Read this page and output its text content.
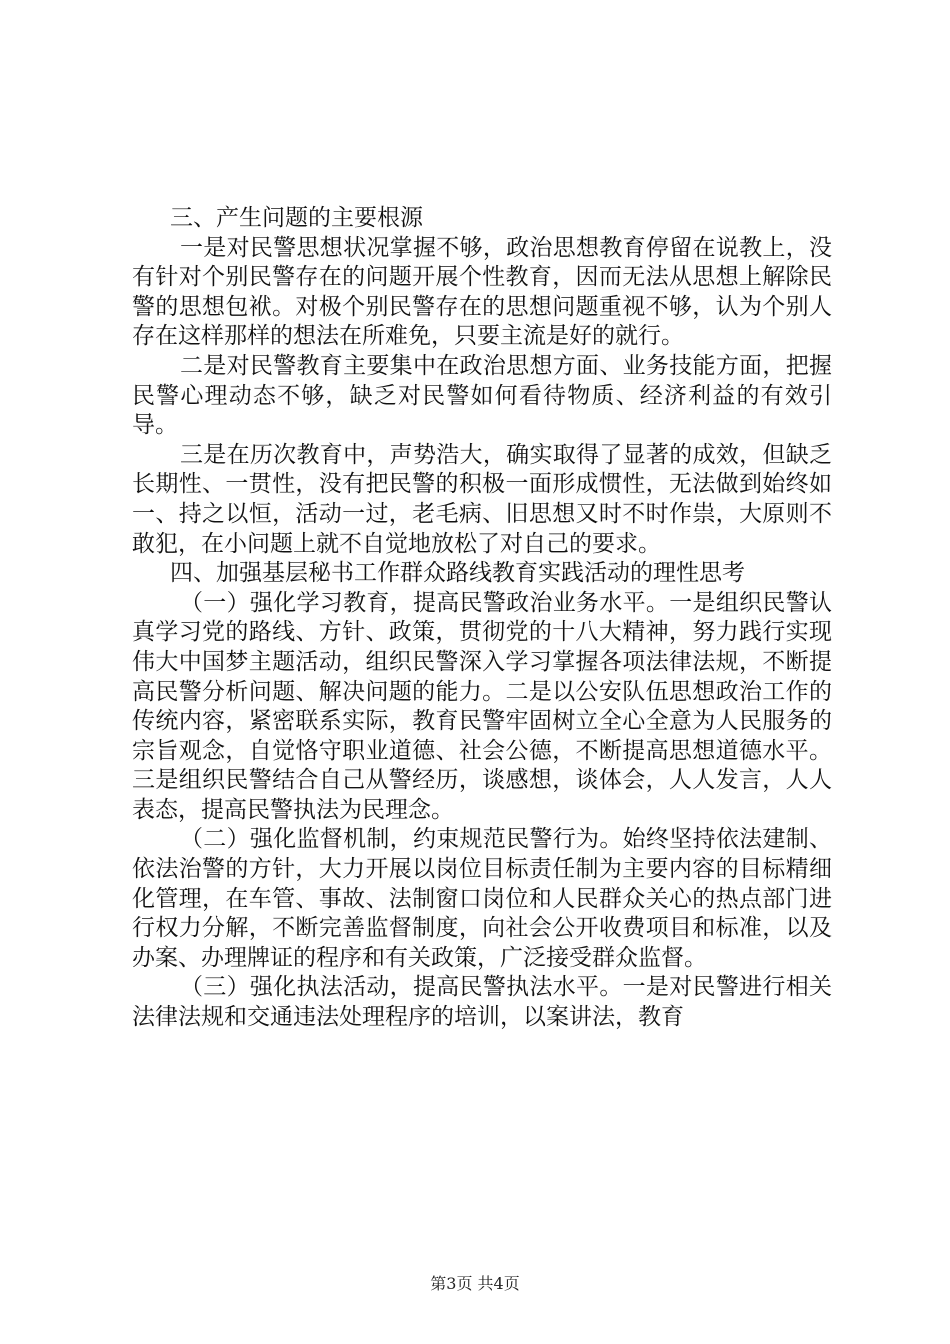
三、产生问题的主要根源

一是对民警思想状况掌握不够，政治思想教育停留在说教上，没有针对个别民警存在的问题开展个性教育，因而无法从思想上解除民警的思想包袱。对极个别民警存在的思想问题重视不够，认为个别人存在这样那样的想法在所难免，只要主流是好的就行。

二是对民警教育主要集中在政治思想方面、业务技能方面，把握民警心理动态不够，缺乏对民警如何看待物质、经济利益的有效引导。

三是在历次教育中，声势浩大，确实取得了显著的成效，但缺乏长期性、一贯性，没有把民警的积极一面形成惯性，无法做到始终如一、持之以恒，活动一过，老毛病、旧思想又时不时作祟，大原则不敢犯，在小问题上就不自觉地放松了对自己的要求。

四、加强基层秘书工作群众路线教育实践活动的理性思考

（一）强化学习教育，提高民警政治业务水平。一是组织民警认真学习党的路线、方针、政策，贯彻党的十八大精神，努力践行实现伟大中国梦主题活动，组织民警深入学习掌握各项法律法规，不断提高民警分析问题、解决问题的能力。二是以公安队伍思想政治工作的传统内容，紧密联系实际，教育民警牢固树立全心全意为人民服务的宗旨观念，自觉恪守职业道德、社会公德，不断提高思想道德水平。三是组织民警结合自己从警经历，谈感想，谈体会，人人发言，人人表态，提高民警执法为民理念。

（二）强化监督机制，约束规范民警行为。始终坚持依法建制、依法治警的方针，大力开展以岗位目标责任制为主要内容的目标精细化管理，在车管、事故、法制窗口岗位和人民群众关心的热点部门进行权力分解，不断完善监督制度，向社会公开收费项目和标准，以及办案、办理牌证的程序和有关政策，广泛接受群众监督。

（三）强化执法活动，提高民警执法水平。一是对民警进行相关法律法规和交通违法处理程序的培训，以案讲法，教育

第3页 共4页
